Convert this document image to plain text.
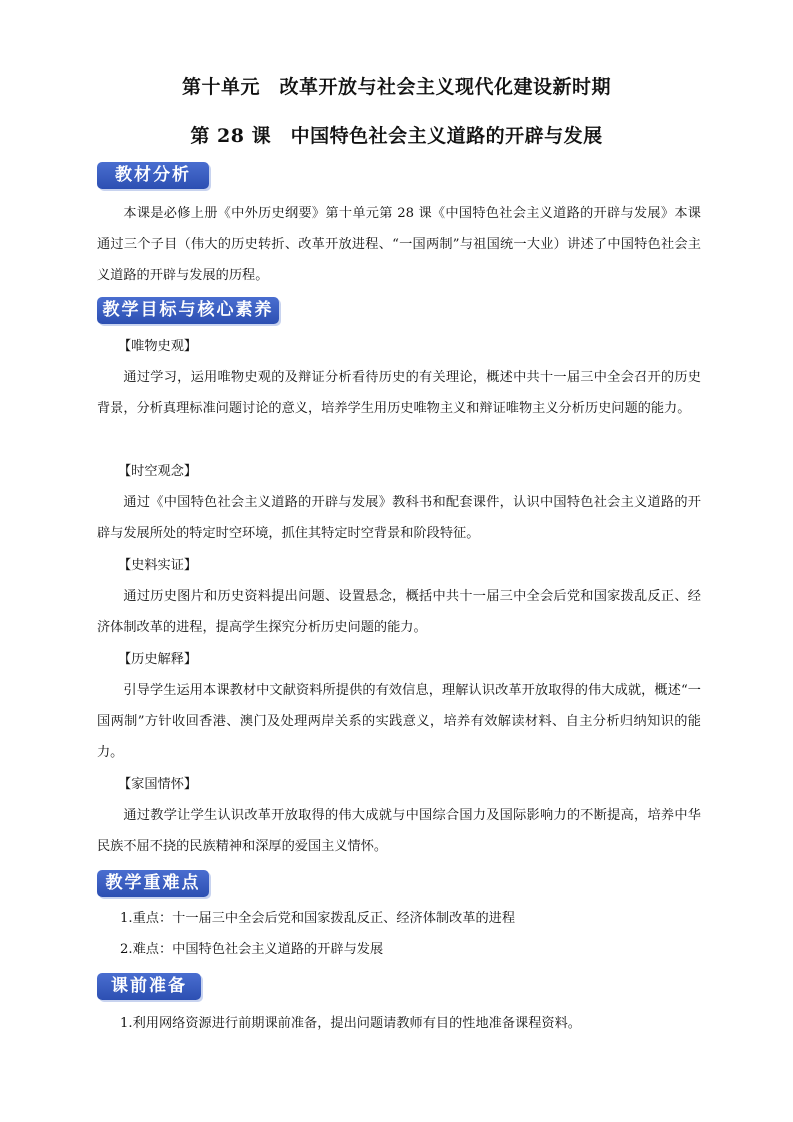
第十单元　改革开放与社会主义现代化建设新时期
第 28 课　中国特色社会主义道路的开辟与发展
教材分析

本课是必修上册《中外历史纲要》第十单元第 28 课《中国特色社会主义道路的开辟与发展》本课通过三个子目（伟大的历史转折、改革开放进程、“一国两制”与祖国统一大业）讲述了中国特色社会主义道路的开辟与发展的历程。

教学目标与核心素养
【唯物史观】

通过学习，运用唯物史观的及辩证分析看待历史的有关理论，概述中共十一届三中全会召开的历史背景，分析真理标准问题讨论的意义，培养学生用历史唯物主义和辩证唯物主义分析历史问题的能力。

【时空观念】

通过《中国特色社会主义道路的开辟与发展》教科书和配套课件，认识中国特色社会主义道路的开辟与发展所处的特定时空环境，抓住其特定时空背景和阶段特征。

【史料实证】

通过历史图片和历史资料提出问题、设置悬念，概括中共十一届三中全会后党和国家拨乱反正、经济体制改革的进程，提高学生探究分析历史问题的能力。

【历史解释】

引导学生运用本课教材中文献资料所提供的有效信息，理解认识改革开放取得的伟大成就，概述“一国两制”方针收回香港、澳门及处理两岸关系的实践意义，培养有效解读材料、自主分析归纳知识的能力。

【家国情怀】

通过教学让学生认识改革开放取得的伟大成就与中国综合国力及国际影响力的不断提高，培养中华民族不屈不挠的民族精神和深厚的爱国主义情怀。

教学重难点
1.重点：十一届三中全会后党和国家拨乱反正、经济体制改革的进程
2.难点：中国特色社会主义道路的开辟与发展
课前准备
1.利用网络资源进行前期课前准备，提出问题请教师有目的性地准备课程资料。
